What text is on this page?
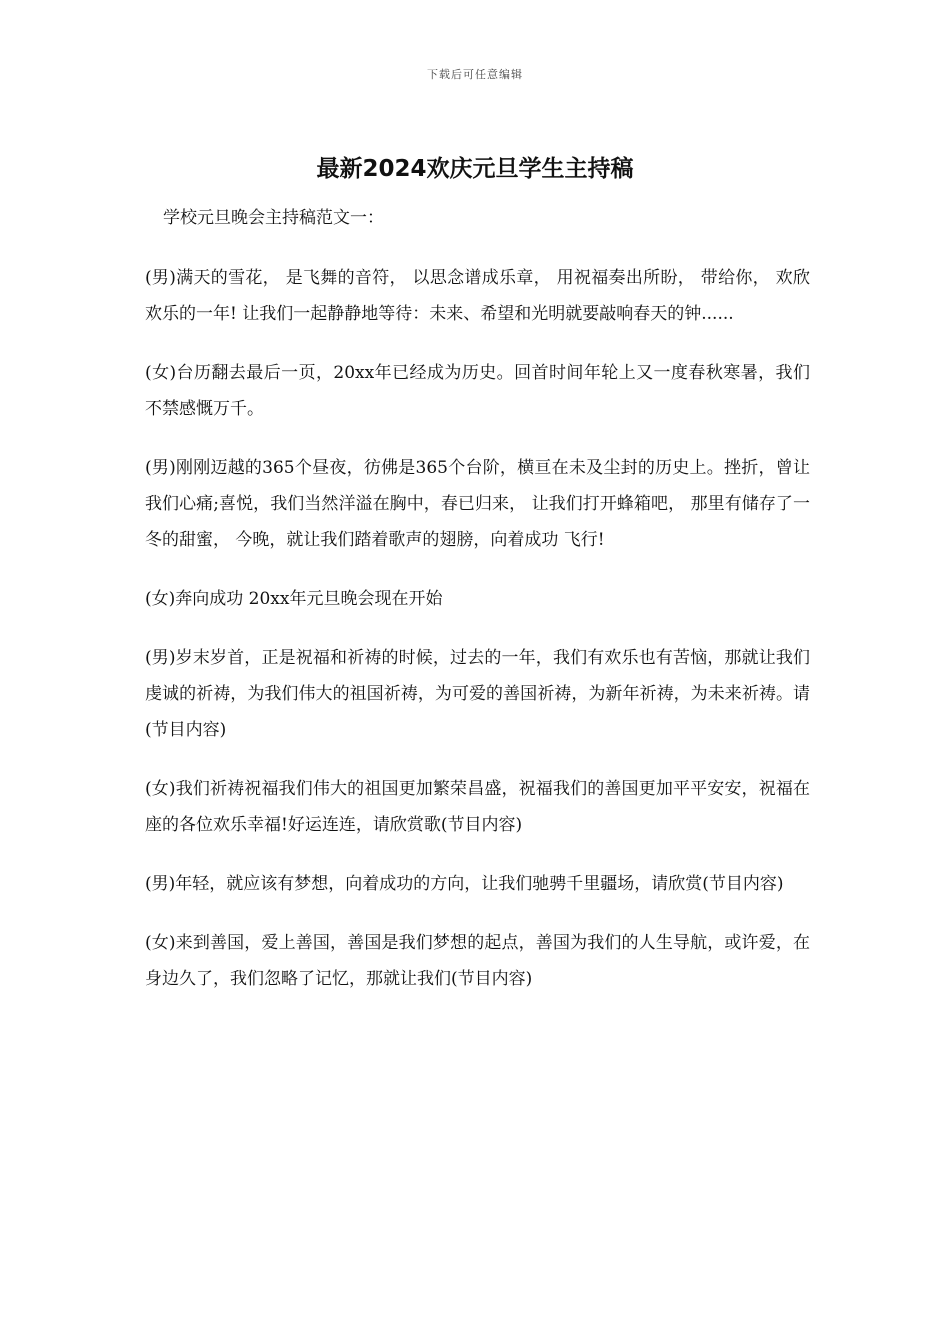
下载后可任意编辑
最新2024欢庆元旦学生主持稿

学校元旦晚会主持稿范文一：

(男)满天的雪花， 是飞舞的音符， 以思念谱成乐章， 用祝福奏出所盼， 带给你， 欢欣欢乐的一年! 让我们一起静静地等待：未来、希望和光明就要敲响春天的钟......

(女)台历翻去最后一页，20xx年已经成为历史。回首时间年轮上又一度春秋寒暑，我们不禁感慨万千。

(男)刚刚迈越的365个昼夜，彷佛是365个台阶，横亘在未及尘封的历史上。挫折，曾让我们心痛;喜悦，我们当然洋溢在胸中，春已归来， 让我们打开蜂箱吧， 那里有储存了一冬的甜蜜， 今晚，就让我们踏着歌声的翅膀，向着成功 飞行!

(女)奔向成功 20xx年元旦晚会现在开始

(男)岁末岁首，正是祝福和祈祷的时候，过去的一年，我们有欢乐也有苦恼，那就让我们虔诚的祈祷，为我们伟大的祖国祈祷，为可爱的善国祈祷，为新年祈祷，为未来祈祷。请(节目内容)

(女)我们祈祷祝福我们伟大的祖国更加繁荣昌盛，祝福我们的善国更加平平安安，祝福在座的各位欢乐幸福!好运连连，请欣赏歌(节目内容)

(男)年轻，就应该有梦想，向着成功的方向，让我们驰骋千里疆场，请欣赏(节目内容)

(女)来到善国，爱上善国，善国是我们梦想的起点，善国为我们的人生导航，或许爱，在身边久了，我们忽略了记忆，那就让我们(节目内容)
